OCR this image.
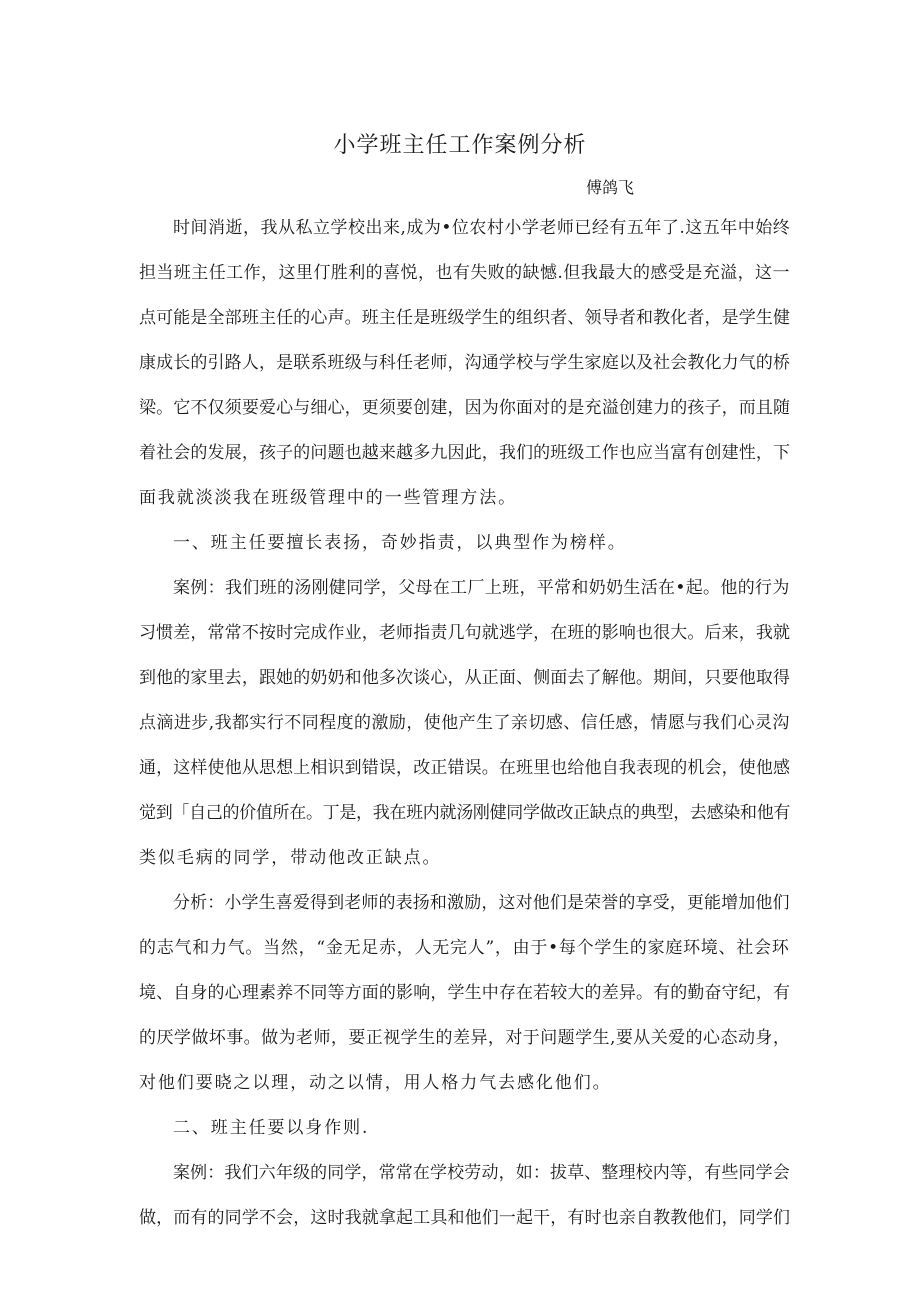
小学班主任工作案例分析
傅鸽飞
时间消逝，我从私立学校出来,成为•位农村小学老师已经有五年了.这五年中始终
担当班主任工作，这里仃胜利的喜悦，也有失败的缺憾.但我最大的感受是充溢，这一
点可能是全部班主任的心声。班主任是班级学生的组织者、领导者和教化者，是学生健
康成长的引路人，是联系班级与科任老师，沟通学校与学生家庭以及社会教化力气的桥
梁。它不仅须要爱心与细心，更须要创建，因为你面对的是充溢创建力的孩子，而且随
着社会的发展，孩子的问题也越来越多九因此，我们的班级工作也应当富有创建性，下
面我就淡淡我在班级管理中的一些管理方法。
一、班主任要擅长表扬，奇妙指责，以典型作为榜样。
案例：我们班的汤刚健同学，父母在工厂上班，平常和奶奶生活在•起。他的行为
习惯差，常常不按时完成作业，老师指责几句就逃学，在班的影响也很大。后来，我就
到他的家里去，跟她的奶奶和他多次谈心，从正面、侧面去了解他。期间，只要他取得
点滴进步,我都实行不同程度的激励，使他产生了亲切感、信任感，情愿与我们心灵沟
通，这样使他从思想上相识到错误，改正错误。在班里也给他自我表现的机会，使他感
觉到「自己的价值所在。丁是，我在班内就汤刚健同学做改正缺点的典型，去感染和他有
类似毛病的同学，带动他改正缺点。
分析：小学生喜爱得到老师的表扬和激励，这对他们是荣誉的享受，更能增加他们
的志气和力气。当然，“金无足赤，人无完人”，由于•每个学生的家庭环境、社会环
境、自身的心理素养不同等方面的影响，学生中存在若较大的差异。有的勤奋守纪，有
的厌学做坏事。做为老师，要正视学生的差异，对于问题学生,要从关爱的心态动身，
对他们要晓之以理，动之以情，用人格力气去感化他们。
二、班主任要以身作则.
案例：我们六年级的同学，常常在学校劳动，如：拔草、整理校内等，有些同学会
做，而有的同学不会，这时我就拿起工具和他们一起干，有时也亲自教教他们，同学们
